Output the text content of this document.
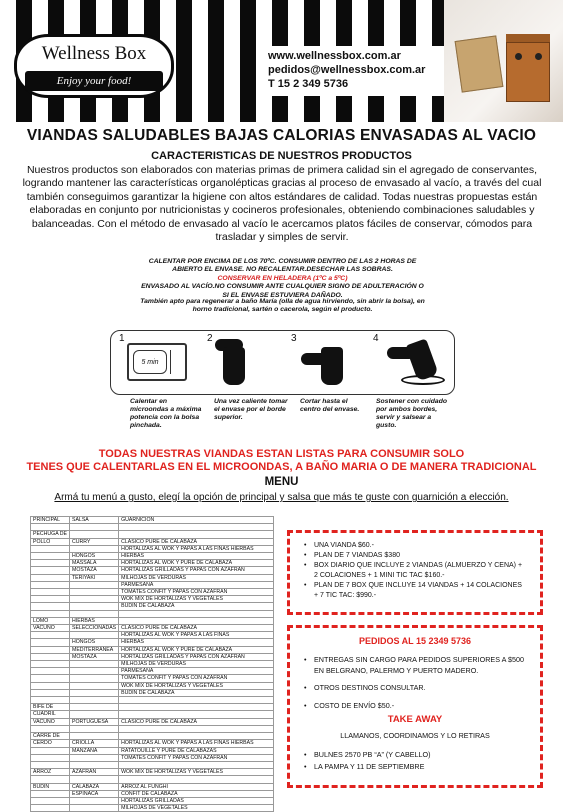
Wellness Box
Enjoy your food!
www.wellnessbox.com.ar
pedidos@wellnessbox.com.ar
T 15 2 349 5736
VIANDAS SALUDABLES BAJAS CALORIAS ENVASADAS AL VACIO
CARACTERISTICAS DE NUESTROS PRODUCTOS
Nuestros productos son elaborados con materias primas de primera calidad sin el agregado de conservantes, logrando mantener las características organolépticas gracias al proceso de envasado al vacío, a través del cual también conseguimos garantizar la higiene con altos estándares de calidad. Todas nuestras propuestas están elaboradas en conjunto por nutricionistas y cocineros profesionales, obteniendo combinaciones saludables y balanceadas. Con el método de envasado al vacío le acercamos platos fáciles de conservar, cómodos para trasladar y simples de servir.
CALENTAR POR ENCIMA DE LOS 70ºC. CONSUMIR DENTRO DE LAS 2 HORAS DE ABIERTO EL ENVASE. NO RECALENTAR.DESECHAR LAS SOBRAS.
CONSERVAR EN HELADERA (1ºC a 5ºC)
ENVASADO AL VACÍO.NO CONSUMIR ANTE CUALQUIER SIGNO DE ADULTERACIÓN O SI EL ENVASE ESTUVIERA DAÑADO.
También apto para regenerar a baño María (olla de agua hirviendo, sin abrir la bolsa), en horno tradicional, sartén o cacerola, según el producto.
1
5 min
2	3	4
Calentar en microondas a máxima potencia con la bolsa pinchada.
Una vez caliente tomar el envase por el borde superior.
Cortar hasta el centro del envase.
Sostener con cuidado por ambos bordes, servir y salsear a gusto.
TODAS NUESTRAS VIANDAS ESTAN LISTAS PARA CONSUMIR SOLO
TENES QUE CALENTARLAS EN EL MICROONDAS, A BAÑO MARIA O DE MANERA TRADICIONAL
MENU
Armá tu menú a gusto, elegí la opción de principal y salsa que más te guste con guarnición a elección.
PRINCIPAL	SALSA	GUARNICION

PECHUGA DE		
POLLO	CURRY	CLASICO PURE DE CALABAZA
		HORTALIZAS AL WOK Y PAPAS A LAS FINAS HIERBAS
	HONGOS	HIERBAS
	MASSALA	HORTALIZAS AL WOK Y PURE DE CALABAZA
	MOSTAZA	HORTALIZAS GRILLADAS Y PAPAS CON AZAFRAN
	TERIYAKI	MILHOJAS DE VERDURAS
		PARMESANA
		TOMATES CONFIT Y PAPAS CON AZAFRAN
		WOK MIX DE HORTALIZAS Y VEGETALES
		BUDIN DE CALABAZA

LOMO	HIERBAS	
VACUNO	SELECCIONADAS	CLASICO PURE DE CALABAZA
		HORTALIZAS AL WOK Y PAPAS A LAS FINAS
	HONGOS	HIERBAS
	MEDITERRANEA	HORTALIZAS AL WOK Y PURE DE CALABAZA
	MOSTAZA	HORTALIZAS GRILLADAS Y PAPAS CON AZAFRAN
		MILHOJAS DE VERDURAS
		PARMESANA
		TOMATES CONFIT Y PAPAS CON AZAFRAN
		WOK MIX DE HORTALIZAS Y VEGETALES
		BUDIN DE CALABAZA

BIFE DE		
CUADRIL		
VACUNO	PORTUGUESA	CLASICO PURE DE CALABAZA

CARRE DE		
CERDO	CRIOLLA	HORTALIZAS AL WOK Y PAPAS A LAS FINAS HIERBAS
	MANZANA	RATATOUILLE Y PURE DE CALABAZAS
		TOMATES CONFIT Y PAPAS CON AZAFRAN

ARROZ	AZAFRAN	WOK MIX DE HORTALIZAS Y VEGETALES

BUDIN	CALABAZA	ARROZ AL FUNGHI
	ESPINACA	CONFIT DE CALABAZA
		HORTALIZAS GRILLADAS
		MILHOJAS DE VEGETALES
• UNA VIANDA $60.-
• PLAN DE 7 VIANDAS $380
• BOX DIARIO QUE INCLUYE 2 VIANDAS (ALMUERZO Y CENA) + 2 COLACIONES + 1 MINI TIC TAC $160.-
• PLAN DE 7 BOX QUE INCLUYE 14 VIANDAS + 14 COLACIONES + 7 TIC TAC: $990.-
PEDIDOS AL 15 2349 5736
• ENTREGAS SIN CARGO PARA PEDIDOS SUPERIORES A $500 EN BELGRANO, PALERMO Y PUERTO MADERO.
• OTROS DESTINOS CONSULTAR.
• COSTO DE ENVÍO $50.-
TAKE AWAY
LLAMANOS, COORDINAMOS Y LO RETIRAS
• BULNES 2570 PB “A” (Y CABELLO)
• LA PAMPA Y 11 DE SEPTIEMBRE
